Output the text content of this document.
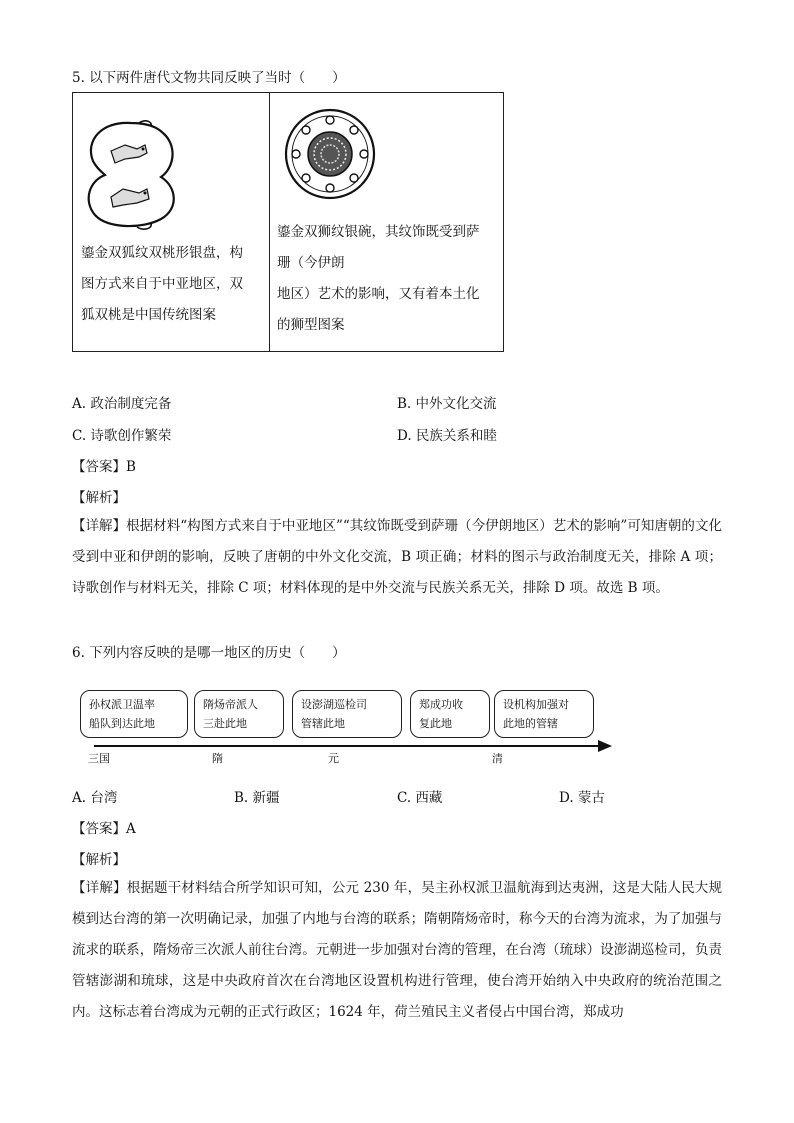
5. 以下两件唐代文物共同反映了当时（　　）
鎏金双狐纹双桃形银盘，构
图方式来自于中亚地区，双
狐双桃是中国传统图案
鎏金双狮纹银碗，其纹饰既受到萨
珊（今伊朗
地区）艺术的影响，又有着本土化
的狮型图案
A. 政治制度完备	B. 中外文化交流
C. 诗歌创作繁荣	D. 民族关系和睦
【答案】B
【解析】
【详解】根据材料“构图方式来自于中亚地区”“其纹饰既受到萨珊（今伊朗地区）艺术的影响”可知唐朝的文化受到中亚和伊朗的影响，反映了唐朝的中外文化交流，B 项正确；材料的图示与政治制度无关，排除 A 项；诗歌创作与材料无关，排除 C 项；材料体现的是中外交流与民族关系无关，排除 D 项。故选 B 项。
6. 下列内容反映的是哪一地区的历史（　　）
孙权派卫温率
船队到达此地
隋炀帝派人
三赴此地
设澎湖巡检司
管辖此地
郑成功收
复此地
设机构加强对
此地的管辖
三国	隋	元	清
A. 台湾	B. 新疆	C. 西藏	D. 蒙古
【答案】A
【解析】
【详解】根据题干材料结合所学知识可知，公元 230 年，吴主孙权派卫温航海到达夷洲，这是大陆人民大规模到达台湾的第一次明确记录，加强了内地与台湾的联系；隋朝隋炀帝时，称今天的台湾为流求，为了加强与流求的联系，隋炀帝三次派人前往台湾。元朝进一步加强对台湾的管理，在台湾（琉球）设澎湖巡检司，负责管辖澎湖和琉球，这是中央政府首次在台湾地区设置机构进行管理，使台湾开始纳入中央政府的统治范围之内。这标志着台湾成为元朝的正式行政区；1624 年，荷兰殖民主义者侵占中国台湾，郑成功
